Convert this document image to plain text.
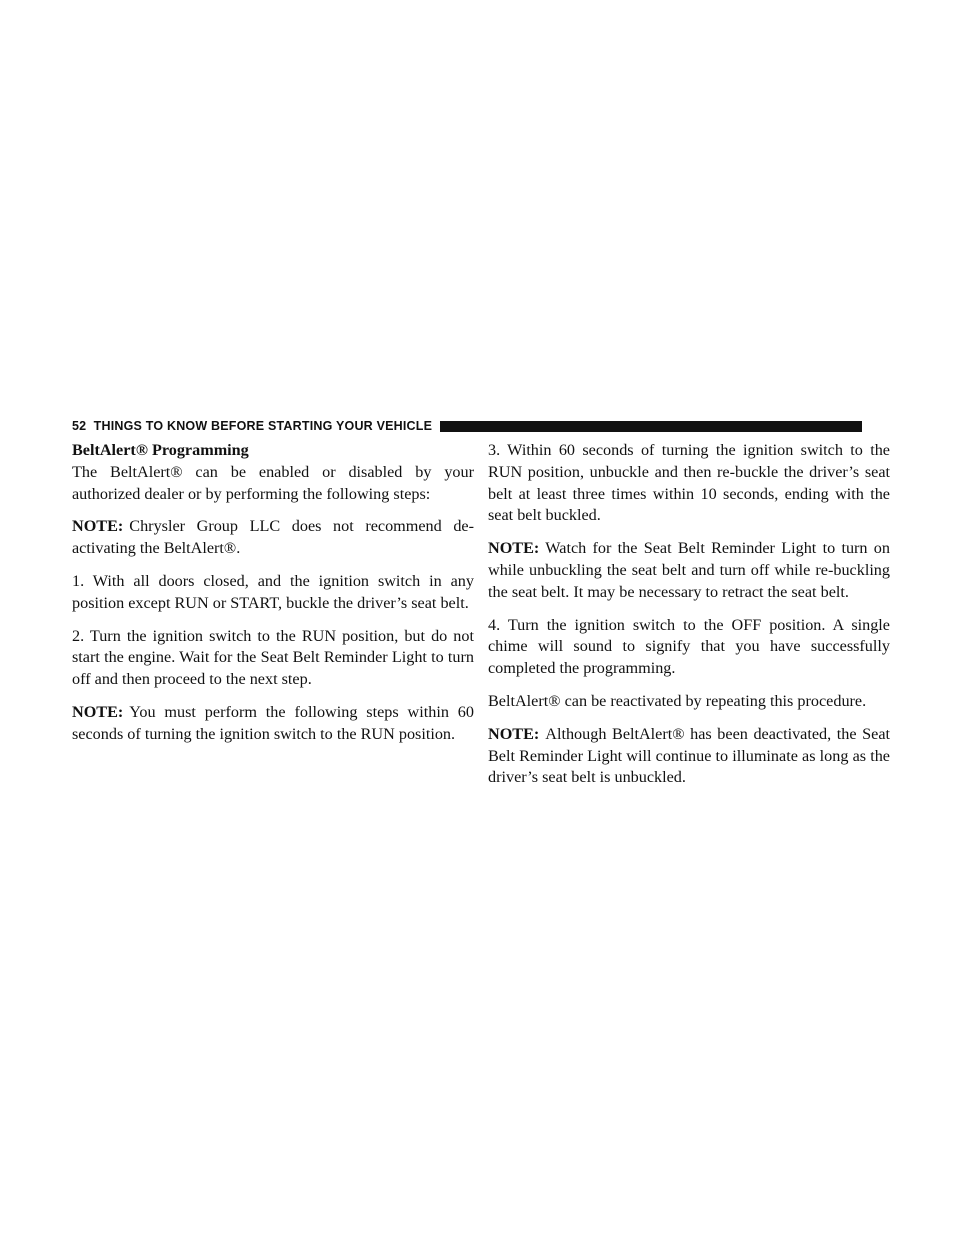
52 THINGS TO KNOW BEFORE STARTING YOUR VEHICLE

BeltAlert® Programming

The BeltAlert® can be enabled or disabled by your authorized dealer or by performing the following steps:

NOTE: Chrysler Group LLC does not recommend de-activating the BeltAlert®.

1. With all doors closed, and the ignition switch in any position except RUN or START, buckle the driver’s seat belt.

2. Turn the ignition switch to the RUN position, but do not start the engine. Wait for the Seat Belt Reminder Light to turn off and then proceed to the next step.

NOTE: You must perform the following steps within 60 seconds of turning the ignition switch to the RUN position.

3. Within 60 seconds of turning the ignition switch to the RUN position, unbuckle and then re-buckle the driver’s seat belt at least three times within 10 seconds, ending with the seat belt buckled.

NOTE: Watch for the Seat Belt Reminder Light to turn on while unbuckling the seat belt and turn off while re-buckling the seat belt. It may be necessary to retract the seat belt.

4. Turn the ignition switch to the OFF position. A single chime will sound to signify that you have successfully completed the programming.

BeltAlert® can be reactivated by repeating this procedure.

NOTE: Although BeltAlert® has been deactivated, the Seat Belt Reminder Light will continue to illuminate as long as the driver’s seat belt is unbuckled.
